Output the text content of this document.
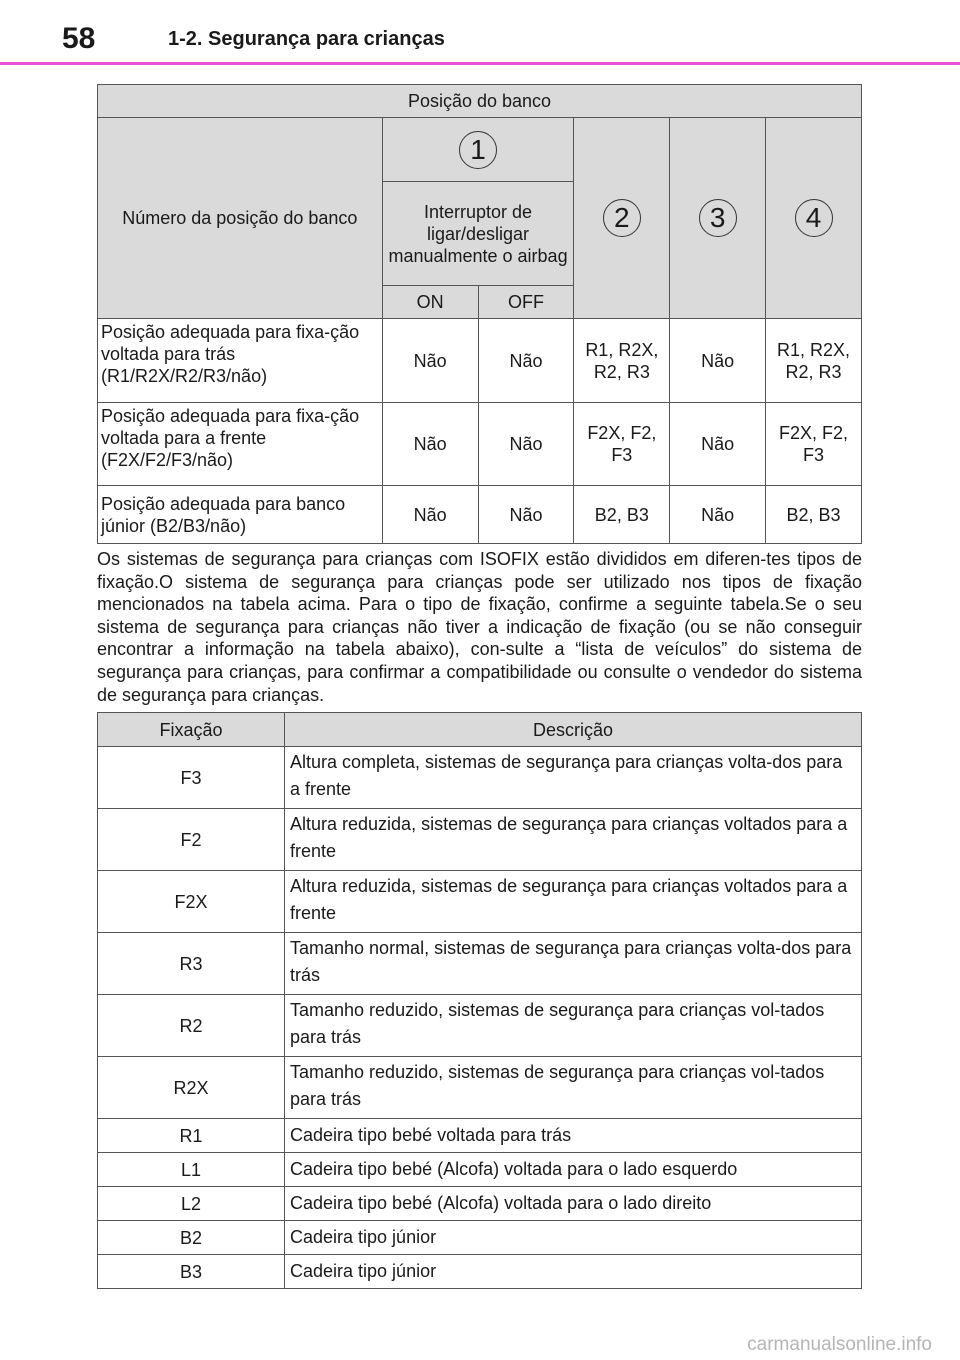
58	1-2. Segurança para crianças
Posição do banco					
Número da posição do banco	1		2	3	4
	Interruptor de ligar/desligar manualmente o airbag				
	ON	OFF			
Posição adequada para fixa-ção voltada para trás (R1/R2X/R2/R3/não)	Não	Não	R1, R2X, R2, R3	Não	R1, R2X, R2, R3
Posição adequada para fixa-ção voltada para a frente (F2X/F2/F3/não)	Não	Não	F2X, F2, F3	Não	F2X, F2, F3
Posição adequada para banco júnior (B2/B3/não)	Não	Não	B2, B3	Não	B2, B3
Os sistemas de segurança para crianças com ISOFIX estão divididos em diferen-tes tipos de fixação.O sistema de segurança para crianças pode ser utilizado nos tipos de fixação mencionados na tabela acima. Para o tipo de fixação, confirme a seguinte tabela.Se o seu sistema de segurança para crianças não tiver a indicação de fixação (ou se não conseguir encontrar a informação na tabela abaixo), con-sulte a “lista de veículos” do sistema de segurança para crianças, para confirmar a compatibilidade ou consulte o vendedor do sistema de segurança para crianças.
Fixação	Descrição
F3	Altura completa, sistemas de segurança para crianças volta-dos para a frente
F2	Altura reduzida, sistemas de segurança para crianças voltados para a frente
F2X	Altura reduzida, sistemas de segurança para crianças voltados para a frente
R3	Tamanho normal, sistemas de segurança para crianças volta-dos para trás
R2	Tamanho reduzido, sistemas de segurança para crianças vol-tados para trás
R2X	Tamanho reduzido, sistemas de segurança para crianças vol-tados para trás
R1	Cadeira tipo bebé voltada para trás
L1	Cadeira tipo bebé (Alcofa) voltada para o lado esquerdo
L2	Cadeira tipo bebé (Alcofa) voltada para o lado direito
B2	Cadeira tipo júnior
B3	Cadeira tipo júnior
carmanualsonline.info
